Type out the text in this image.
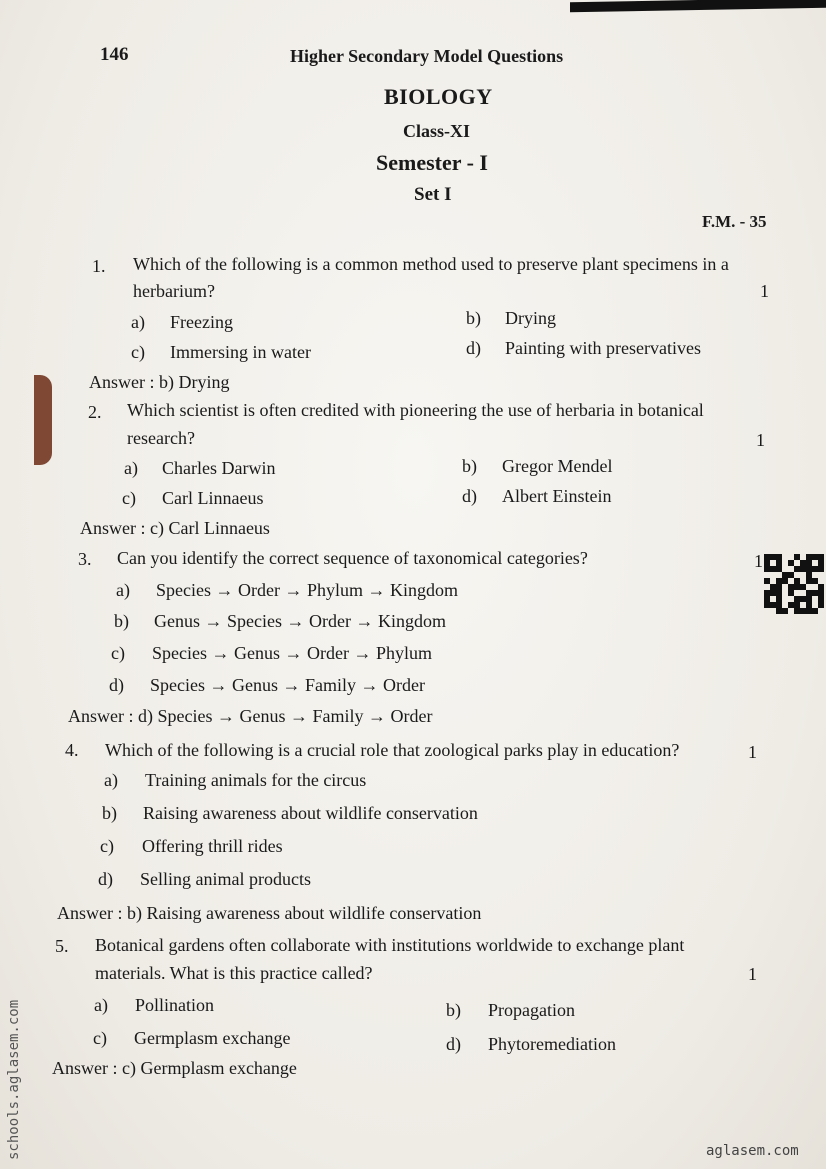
146	Higher Secondary Model Questions
BIOLOGY
Class-XI
Semester - I
Set I
F.M. - 35
1. Which of the following is a common method used to preserve plant specimens in a
herbarium?	1
a) Freezing	b) Drying
c) Immersing in water	d) Painting with preservatives
Answer : b) Drying
2. Which scientist is often credited with pioneering the use of herbaria in botanical
research?	1
a) Charles Darwin	b) Gregor Mendel
c) Carl Linnaeus	d) Albert Einstein
Answer : c) Carl Linnaeus
3. Can you identify the correct sequence of taxonomical categories?	1
a) Species → Order → Phylum → Kingdom
b) Genus → Species → Order → Kingdom
c) Species → Genus → Order → Phylum
d) Species → Genus → Family → Order
Answer : d) Species → Genus → Family → Order
4. Which of the following is a crucial role that zoological parks play in education?	1
a) Training animals for the circus
b) Raising awareness about wildlife conservation
c) Offering thrill rides
d) Selling animal products
Answer : b) Raising awareness about wildlife conservation
5. Botanical gardens often collaborate with institutions worldwide to exchange plant
materials. What is this practice called?	1
a) Pollination	b) Propagation
c) Germplasm exchange	d) Phytoremediation
Answer : c) Germplasm exchange
schools.aglasem.com	aglasem.com
